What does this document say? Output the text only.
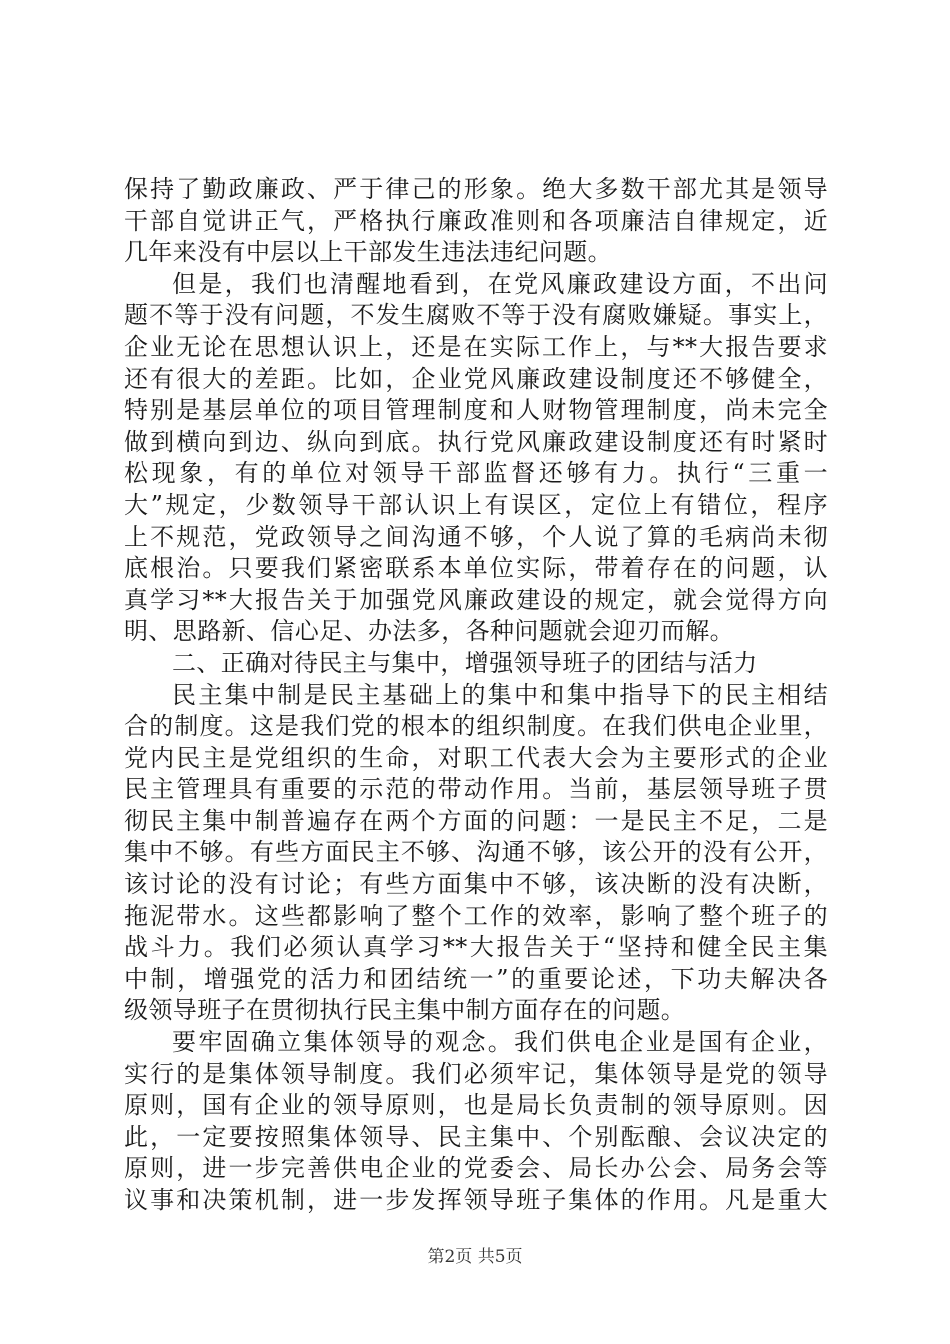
保持了勤政廉政、严于律己的形象。绝大多数干部尤其是领导
干部自觉讲正气，严格执行廉政准则和各项廉洁自律规定，近
几年来没有中层以上干部发生违法违纪问题。
但是，我们也清醒地看到，在党风廉政建设方面，不出问
题不等于没有问题，不发生腐败不等于没有腐败嫌疑。事实上，
企业无论在思想认识上，还是在实际工作上，与**大报告要求
还有很大的差距。比如，企业党风廉政建设制度还不够健全，
特别是基层单位的项目管理制度和人财物管理制度，尚未完全
做到横向到边、纵向到底。执行党风廉政建设制度还有时紧时
松现象，有的单位对领导干部监督还够有力。执行“三重一
大”规定，少数领导干部认识上有误区，定位上有错位，程序
上不规范，党政领导之间沟通不够，个人说了算的毛病尚未彻
底根治。只要我们紧密联系本单位实际，带着存在的问题，认
真学习**大报告关于加强党风廉政建设的规定，就会觉得方向
明、思路新、信心足、办法多，各种问题就会迎刃而解。
二、正确对待民主与集中，增强领导班子的团结与活力
民主集中制是民主基础上的集中和集中指导下的民主相结
合的制度。这是我们党的根本的组织制度。在我们供电企业里，
党内民主是党组织的生命，对职工代表大会为主要形式的企业
民主管理具有重要的示范的带动作用。当前，基层领导班子贯
彻民主集中制普遍存在两个方面的问题：一是民主不足，二是
集中不够。有些方面民主不够、沟通不够，该公开的没有公开，
该讨论的没有讨论；有些方面集中不够，该决断的没有决断，
拖泥带水。这些都影响了整个工作的效率，影响了整个班子的
战斗力。我们必须认真学习**大报告关于“坚持和健全民主集
中制，增强党的活力和团结统一”的重要论述，下功夫解决各
级领导班子在贯彻执行民主集中制方面存在的问题。
要牢固确立集体领导的观念。我们供电企业是国有企业，
实行的是集体领导制度。我们必须牢记，集体领导是党的领导
原则，国有企业的领导原则，也是局长负责制的领导原则。因
此，一定要按照集体领导、民主集中、个别酝酿、会议决定的
原则，进一步完善供电企业的党委会、局长办公会、局务会等
议事和决策机制，进一步发挥领导班子集体的作用。凡是重大
第2页 共5页
